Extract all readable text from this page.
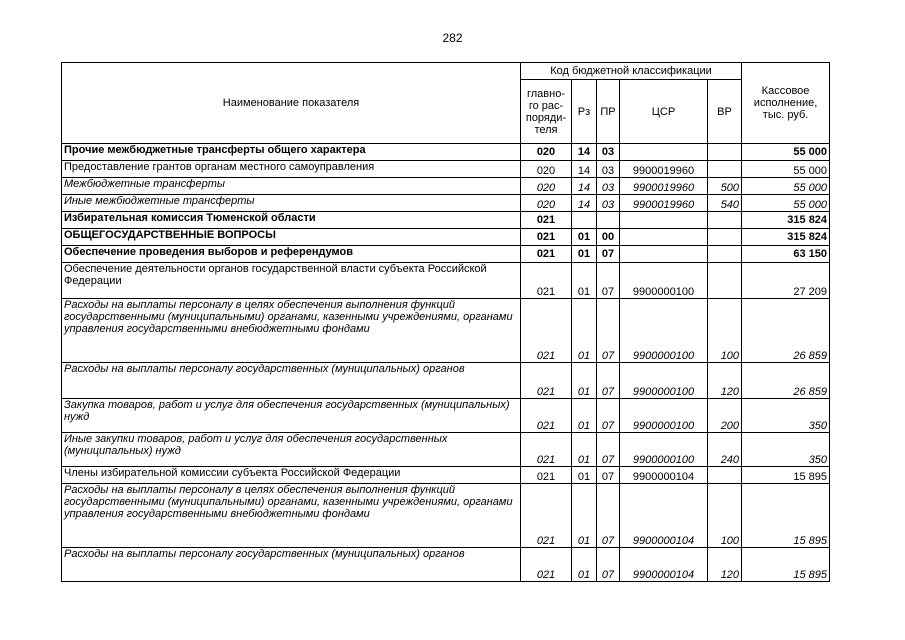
282
Наименование показателя	Код бюджетной классификации					Кассовое исполнение, тыс. руб.
	главно-го рас-поряди-теля	Рз	ПР	ЦСР	ВР	
Прочие межбюджетные трансферты общего характера	020	14	03			55 000
Предоставление грантов органам местного самоуправления	020	14	03	9900019960		55 000
Межбюджетные трансферты	020	14	03	9900019960	500	55 000
Иные межбюджетные трансферты	020	14	03	9900019960	540	55 000
Избирательная комиссия Тюменской области	021					315 824
ОБЩЕГОСУДАРСТВЕННЫЕ ВОПРОСЫ	021	01	00			315 824
Обеспечение проведения выборов и референдумов	021	01	07			63 150
Обеспечение деятельности органов государственной власти субъекта Российской Федерации	021	01	07	9900000100		27 209
Расходы на выплаты персоналу в целях обеспечения выполнения функций государственными (муниципальными) органами, казенными учреждениями, органами управления государственными внебюджетными фондами	021	01	07	9900000100	100	26 859
Расходы на выплаты персоналу государственных (муниципальных) органов	021	01	07	9900000100	120	26 859
Закупка товаров, работ и услуг для обеспечения государственных (муниципальных) нужд	021	01	07	9900000100	200	350
Иные закупки товаров, работ и услуг для обеспечения государственных (муниципальных) нужд	021	01	07	9900000100	240	350
Члены избирательной комиссии субъекта Российской Федерации	021	01	07	9900000104		15 895
Расходы на выплаты персоналу в целях обеспечения выполнения функций государственными (муниципальными) органами, казенными учреждениями, органами управления государственными внебюджетными фондами	021	01	07	9900000104	100	15 895
Расходы на выплаты персоналу государственных (муниципальных) органов	021	01	07	9900000104	120	15 895
